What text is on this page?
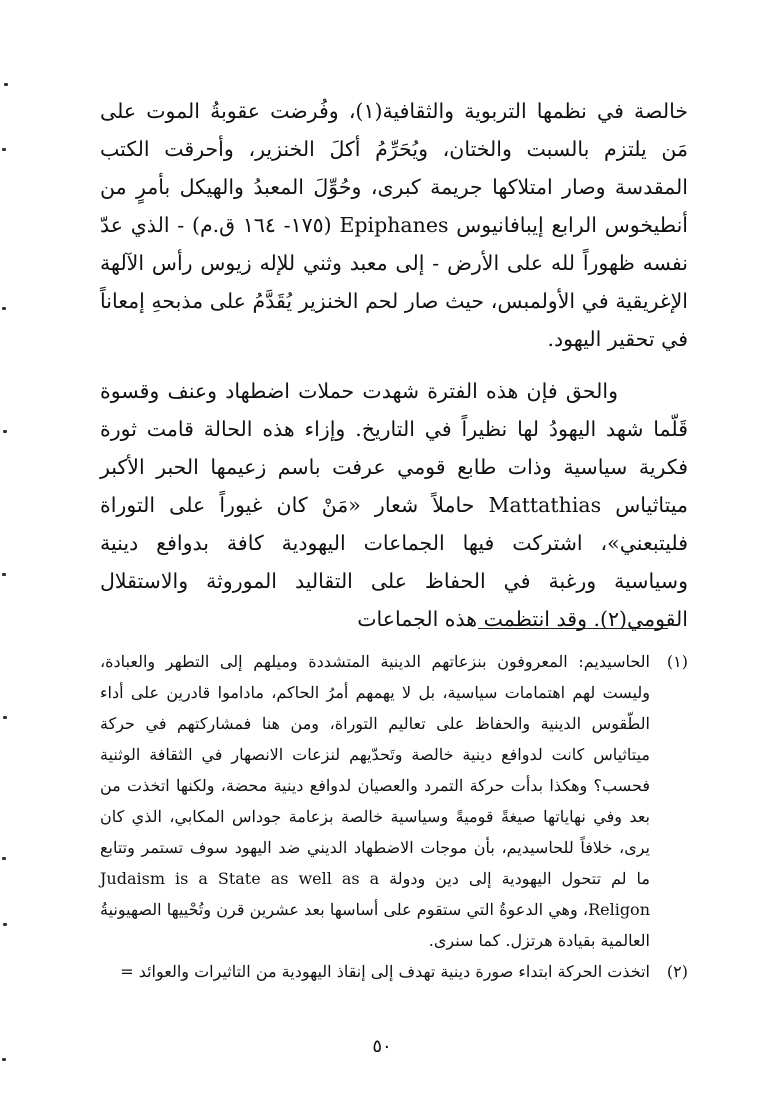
خالصة في نظمها التربوية والثقافية(١)، وفُرضت عقوبةُ الموت على مَن يلتزم بالسبت والختان، ويُحَرِّمُ أكلَ الخنزير، وأحرقت الكتب المقدسة وصار امتلاكها جريمة كبرى، وحُوِّلَ المعبدُ والهيكل بأمرٍ من أنطيخوس الرابع إيبافانيوس Epiphanes (١٧٥- ١٦٤ ق.م) - الذي عدّ نفسه ظهوراً لله على الأرض - إلى معبد وثني للإله زيوس رأس الآلهة الإغريقية في الأولمبس، حيث صار لحم الخنزير يُقَدَّمُ على مذبحهِ إمعاناً في تحقير اليهود.

والحق فإن هذه الفترة شهدت حملات اضطهاد وعنف وقسوة قَلّما شهد اليهودُ لها نظيراً في التاريخ. وإزاء هذه الحالة قامت ثورة فكرية سياسية وذات طابع قومي عرفت باسم زعيمها الحبر الأكبر ميتاثياس Mattathias حاملاً شعار «مَنْ كان غيوراً على التوراة فليتبعني»، اشتركت فيها الجماعات اليهودية كافة بدوافع دينية وسياسية ورغبة في الحفاظ على التقاليد الموروثة والاستقلال القومي(٢). وقد انتظمت هذه الجماعات

(١)
الحاسيديم: المعروفون بنزعاتهم الدينية المتشددة وميلهم إلى التطهر والعبادة، وليست لهم اهتمامات سياسية، بل لا يهمهم أمرُ الحاكم، ماداموا قادرين على أداء الطّقوس الدينية والحفاظ على تعاليم التوراة، ومن هنا فمشاركتهم في حركة ميتاثياس كانت لدوافع دينية خالصة وتَحدّيهم لنزعات الانصهار في الثقافة الوثنية فحسب؟ وهكذا بدأت حركة التمرد والعصيان لدوافع دينية محضة، ولكنها اتخذت من بعد وفي نهاياتها صيغةً قوميةً وسياسية خالصة بزعامة جوداس المكابي، الذي كان يرى، خلافاً للحاسيديم، بأن موجات الاضطهاد الديني ضد اليهود سوف تستمر وتتابع ما لم تتحول اليهودية إلى دين ودولة Judaism is a State as well as a Religon، وهي الدعوةُ التي ستقوم على أساسها بعد عشرين قرن وتُحْييها الصهيونيةُ العالمية بقيادة هرتزل. كما سنرى.
(٢)
اتخذت الحركة ابتداء صورة دينية تهدف إلى إنقاذ اليهودية من التاثيرات والعوائد =
٥٠
